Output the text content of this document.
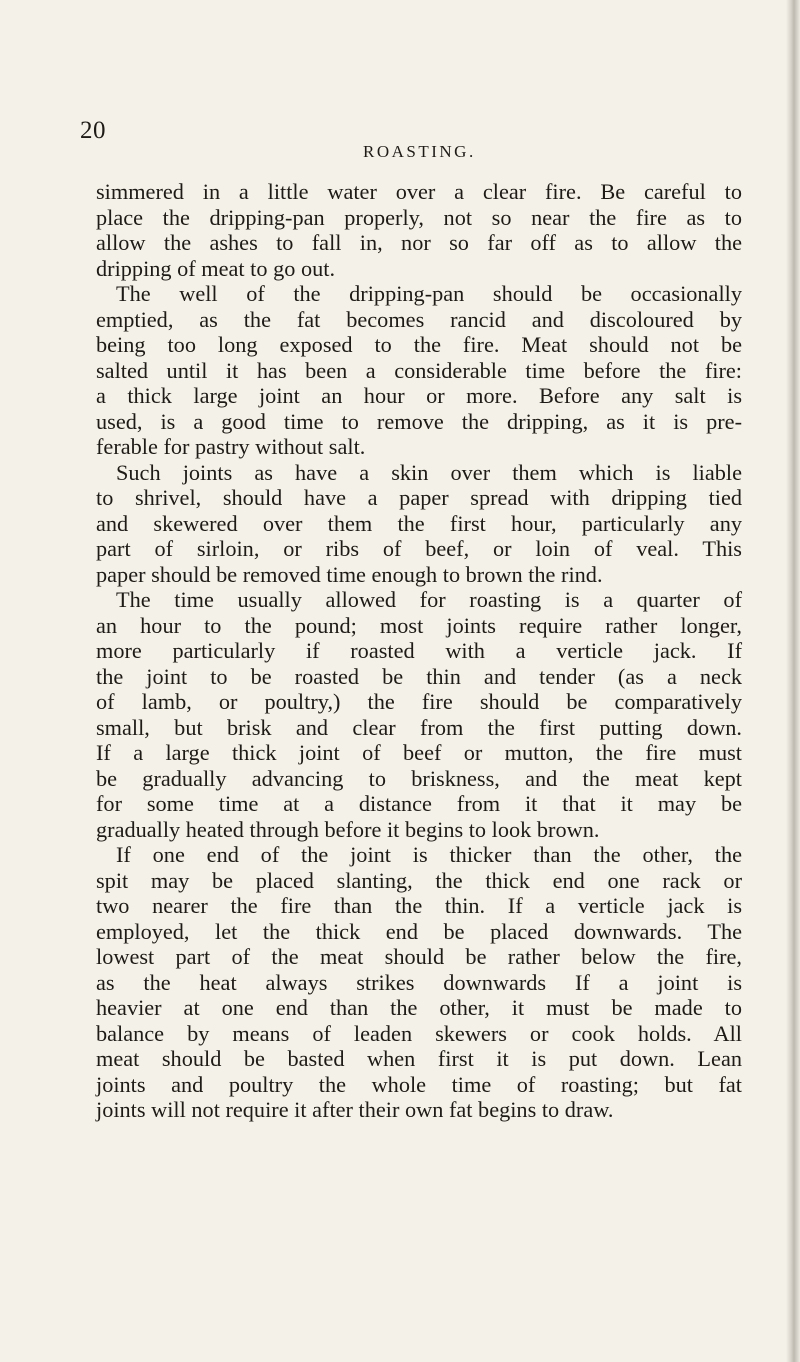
20
ROASTING.
simmered in a little water over a clear fire. Be careful to
place the dripping-pan properly, not so near the fire as to
allow the ashes to fall in, nor so far off as to allow the
dripping of meat to go out.
The well of the dripping-pan should be occasionally
emptied, as the fat becomes rancid and discoloured by
being too long exposed to the fire. Meat should not be
salted until it has been a considerable time before the fire:
a thick large joint an hour or more. Before any salt is
used, is a good time to remove the dripping, as it is pre-
ferable for pastry without salt.
Such joints as have a skin over them which is liable
to shrivel, should have a paper spread with dripping tied
and skewered over them the first hour, particularly any
part of sirloin, or ribs of beef, or loin of veal. This
paper should be removed time enough to brown the rind.
The time usually allowed for roasting is a quarter of
an hour to the pound; most joints require rather longer,
more particularly if roasted with a verticle jack. If
the joint to be roasted be thin and tender (as a neck
of lamb, or poultry,) the fire should be comparatively
small, but brisk and clear from the first putting down.
If a large thick joint of beef or mutton, the fire must
be gradually advancing to briskness, and the meat kept
for some time at a distance from it that it may be
gradually heated through before it begins to look brown.
If one end of the joint is thicker than the other, the
spit may be placed slanting, the thick end one rack or
two nearer the fire than the thin. If a verticle jack is
employed, let the thick end be placed downwards. The
lowest part of the meat should be rather below the fire,
as the heat always strikes downwards If a joint is
heavier at one end than the other, it must be made to
balance by means of leaden skewers or cook holds. All
meat should be basted when first it is put down. Lean
joints and poultry the whole time of roasting; but fat
joints will not require it after their own fat begins to draw.
